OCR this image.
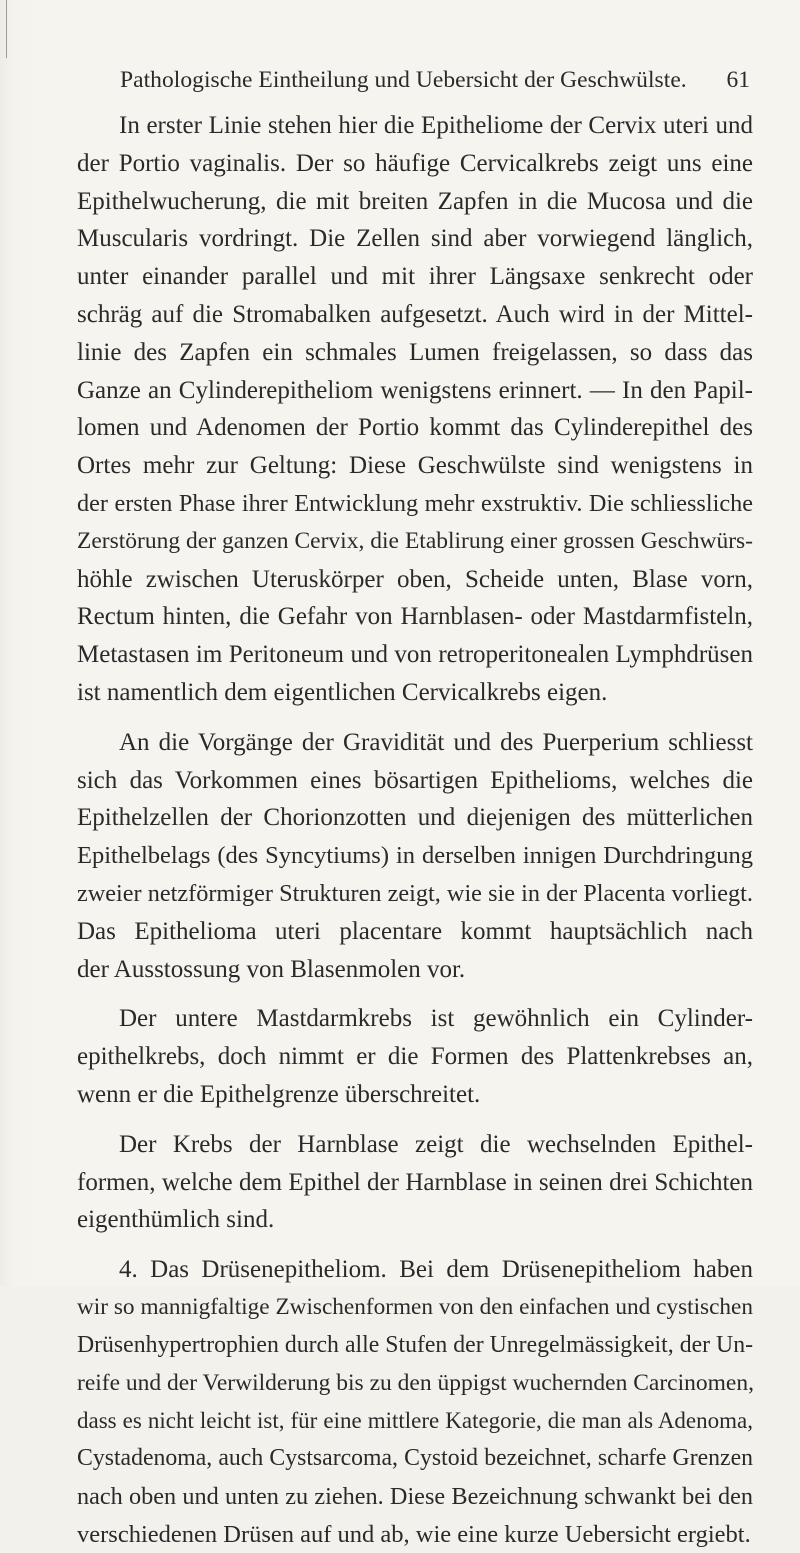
Pathologische Eintheilung und Uebersicht der Geschwülste. 61
In erster Linie stehen hier die Epitheliome der Cervix uteri und
der Portio vaginalis. Der so häufige Cervicalkrebs zeigt uns eine
Epithelwucherung, die mit breiten Zapfen in die Mucosa und die
Muscularis vordringt. Die Zellen sind aber vorwiegend länglich,
unter einander parallel und mit ihrer Längsaxe senkrecht oder
schräg auf die Stromabalken aufgesetzt. Auch wird in der Mittel-
linie des Zapfen ein schmales Lumen freigelassen, so dass das
Ganze an Cylinderepitheliom wenigstens erinnert. — In den Papil-
lomen und Adenomen der Portio kommt das Cylinderepithel des
Ortes mehr zur Geltung: Diese Geschwülste sind wenigstens in
der ersten Phase ihrer Entwicklung mehr exstruktiv. Die schliessliche
Zerstörung der ganzen Cervix, die Etablirung einer grossen Geschwürs-
höhle zwischen Uteruskörper oben, Scheide unten, Blase vorn,
Rectum hinten, die Gefahr von Harnblasen- oder Mastdarmfisteln,
Metastasen im Peritoneum und von retroperitonealen Lymphdrüsen
ist namentlich dem eigentlichen Cervicalkrebs eigen.
An die Vorgänge der Gravidität und des Puerperium schliesst
sich das Vorkommen eines bösartigen Epithelioms, welches die
Epithelzellen der Chorionzotten und diejenigen des mütterlichen
Epithelbelags (des Syncytiums) in derselben innigen Durchdringung
zweier netzförmiger Strukturen zeigt, wie sie in der Placenta vorliegt.
Das Epithelioma uteri placentare kommt hauptsächlich nach
der Ausstossung von Blasenmolen vor.
Der untere Mastdarmkrebs ist gewöhnlich ein Cylinder-
epithelkrebs, doch nimmt er die Formen des Plattenkrebses an,
wenn er die Epithelgrenze überschreitet.
Der Krebs der Harnblase zeigt die wechselnden Epithel-
formen, welche dem Epithel der Harnblase in seinen drei Schichten
eigenthümlich sind.
4. Das Drüsenepitheliom. Bei dem Drüsenepitheliom haben
wir so mannigfaltige Zwischenformen von den einfachen und cystischen
Drüsenhypertrophien durch alle Stufen der Unregelmässigkeit, der Un-
reife und der Verwilderung bis zu den üppigst wuchernden Carcinomen,
dass es nicht leicht ist, für eine mittlere Kategorie, die man als Adenoma,
Cystadenoma, auch Cystsarcoma, Cystoid bezeichnet, scharfe Grenzen
nach oben und unten zu ziehen. Diese Bezeichnung schwankt bei den
verschiedenen Drüsen auf und ab, wie eine kurze Uebersicht ergiebt.
